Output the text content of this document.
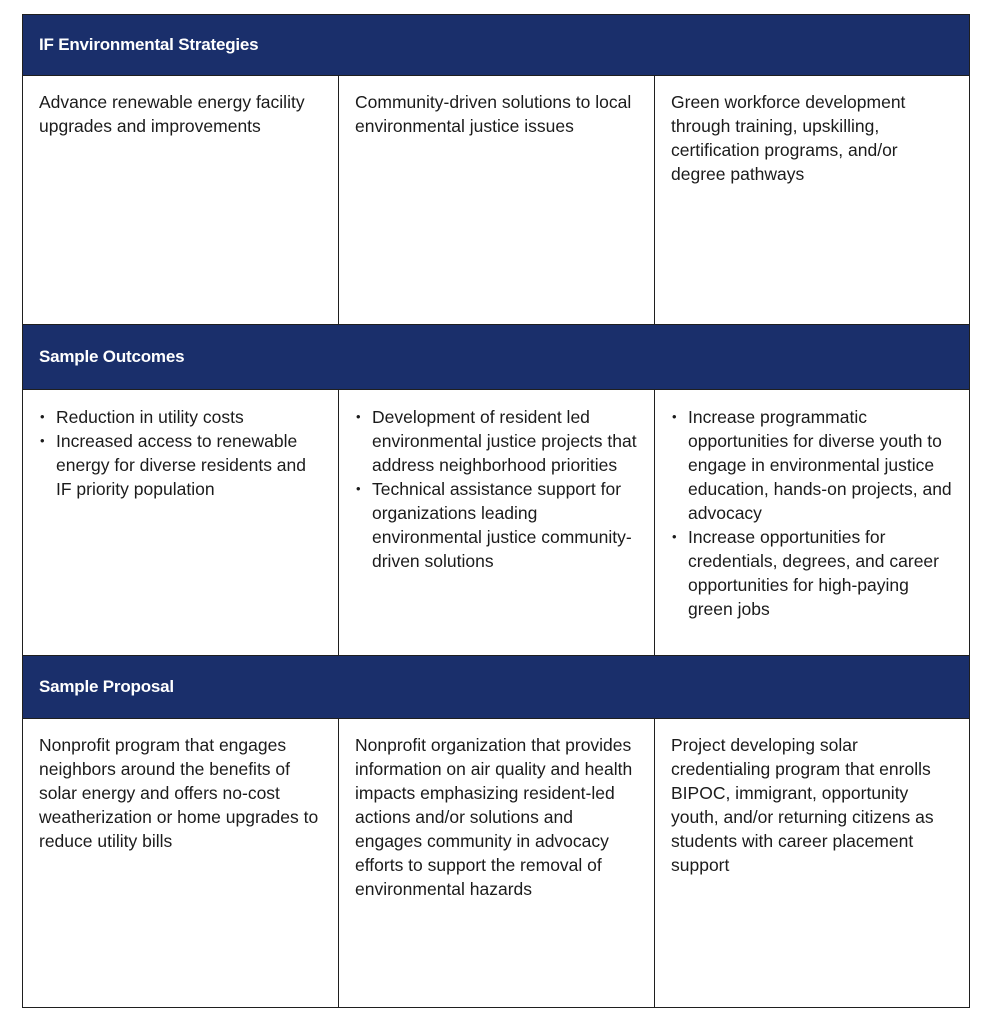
IF Environmental Strategies
Advance renewable energy facility upgrades and improvements
Community-driven solutions to local environmental justice issues
Green workforce development through training, upskilling, certification programs, and/or degree pathways
Sample Outcomes
• Reduction in utility costs
• Increased access to renewable energy for diverse residents and IF priority population
• Development of resident led environmental justice projects that address neighborhood priorities
• Technical assistance support for organizations leading environmental justice community-driven solutions
• Increase programmatic opportunities for diverse youth to engage in environmental justice education, hands-on projects, and advocacy
• Increase opportunities for credentials, degrees, and career opportunities for high-paying green jobs
Sample Proposal
Nonprofit program that engages neighbors around the benefits of solar energy and offers no-cost weatherization or home upgrades to reduce utility bills
Nonprofit organization that provides information on air quality and health impacts emphasizing resident-led actions and/or solutions and engages community in advocacy efforts to support the removal of environmental hazards
Project developing solar credentialing program that enrolls BIPOC, immigrant, opportunity youth, and/or returning citizens as students with career placement support
